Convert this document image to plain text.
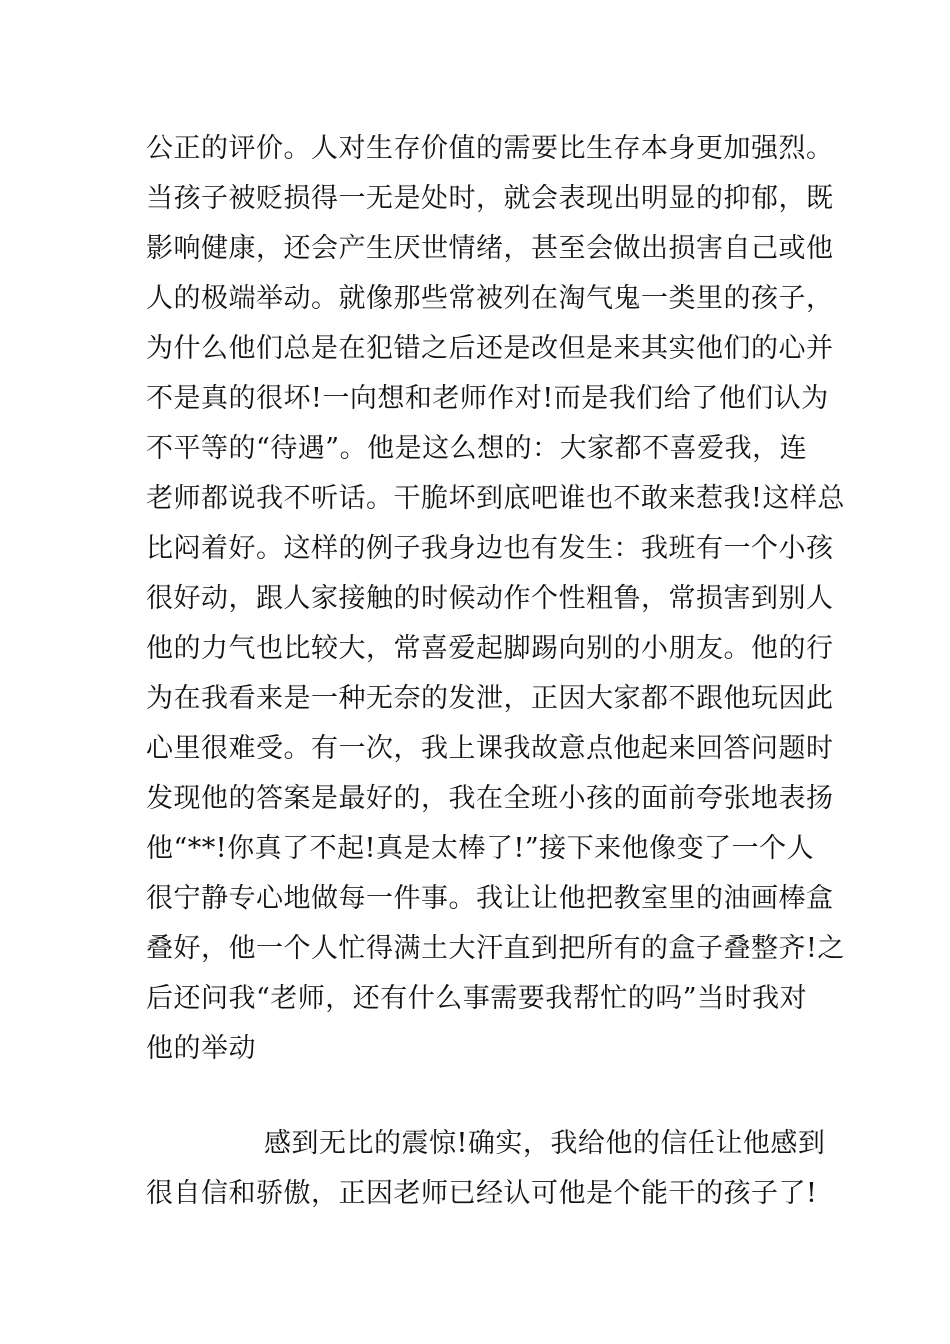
公正的评价。人对生存价值的需要比生存本身更加强烈。
当孩子被贬损得一无是处时，就会表现出明显的抑郁，既
影响健康，还会产生厌世情绪，甚至会做出损害自己或他
人的极端举动。就像那些常被列在淘气鬼一类里的孩子，
为什么他们总是在犯错之后还是改但是来其实他们的心并
不是真的很坏!一向想和老师作对!而是我们给了他们认为
不平等的“待遇”。他是这么想的：大家都不喜爱我，连
老师都说我不听话。干脆坏到底吧谁也不敢来惹我!这样总
比闷着好。这样的例子我身边也有发生：我班有一个小孩
很好动，跟人家接触的时候动作个性粗鲁，常损害到别人
他的力气也比较大，常喜爱起脚踢向别的小朋友。他的行
为在我看来是一种无奈的发泄，正因大家都不跟他玩因此
心里很难受。有一次，我上课我故意点他起来回答问题时
发现他的答案是最好的，我在全班小孩的面前夸张地表扬
他“**!你真了不起!真是太棒了!”接下来他像变了一个人
很宁静专心地做每一件事。我让让他把教室里的油画棒盒
叠好，他一个人忙得满土大汗直到把所有的盒子叠整齐!之
后还问我“老师，还有什么事需要我帮忙的吗”当时我对
他的举动
感到无比的震惊!确实，我给他的信任让他感到
很自信和骄傲，正因老师已经认可他是个能干的孩子了!
